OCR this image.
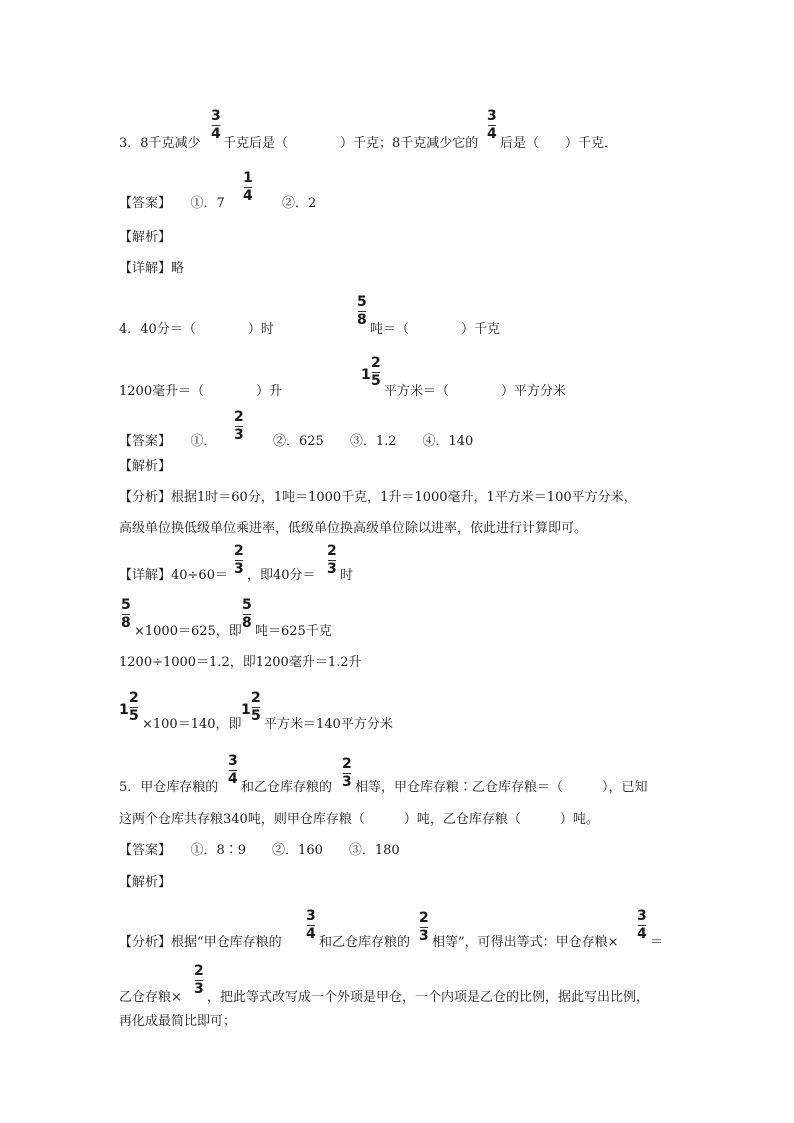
3．8千克减少
3
4
千克后是（　　　　）千克；8千克减少它的
3
4
后是（　　）千克．
【答案】　　①．7
1
4 　　②．2
【解析】
【详解】略
4．40分＝（　　　　）时
5
8
吨＝（　　　　）千克
1200毫升＝（　　　　）升
1
2
5
平方米＝（　　　　）平方分米
【答案】　　①．
2
3 　　②．625　　③．1.2　　④．140
【解析】
【分析】根据1时＝60分，1吨＝1000千克，1升＝1000毫升，1平方米＝100平方分米，
高级单位换低级单位乘进率，低级单位换高级单位除以进率，依此进行计算即可。
【详解】40÷60＝
2
3 ，即40分＝
2
3 时
5
8
×1000＝625，即
5
8
吨＝625千克
1200÷1000＝1.2，即1200毫升＝1.2升
1
2
5
×100＝140，即
1
2
5
平方米＝140平方分米
5．甲仓库存粮的
3
4
和乙仓库存粮的
2
3 相等，甲仓库存粮∶乙仓库存粮＝（　　　），已知
这两个仓库共存粮340吨，则甲仓库存粮（　　　）吨，乙仓库存粮（　　　）吨。
【答案】　　①．8∶9　　②．160　　③．180
【解析】
【分析】根据“甲仓库存粮的
3
4
和乙仓库存粮的
2
3 相等”，可得出等式：甲仓存粮×
3
4
＝
乙仓存粮×
2
3
，把此等式改写成一个外项是甲仓，一个内项是乙仓的比例，据此写出比例，
再化成最简比即可；
